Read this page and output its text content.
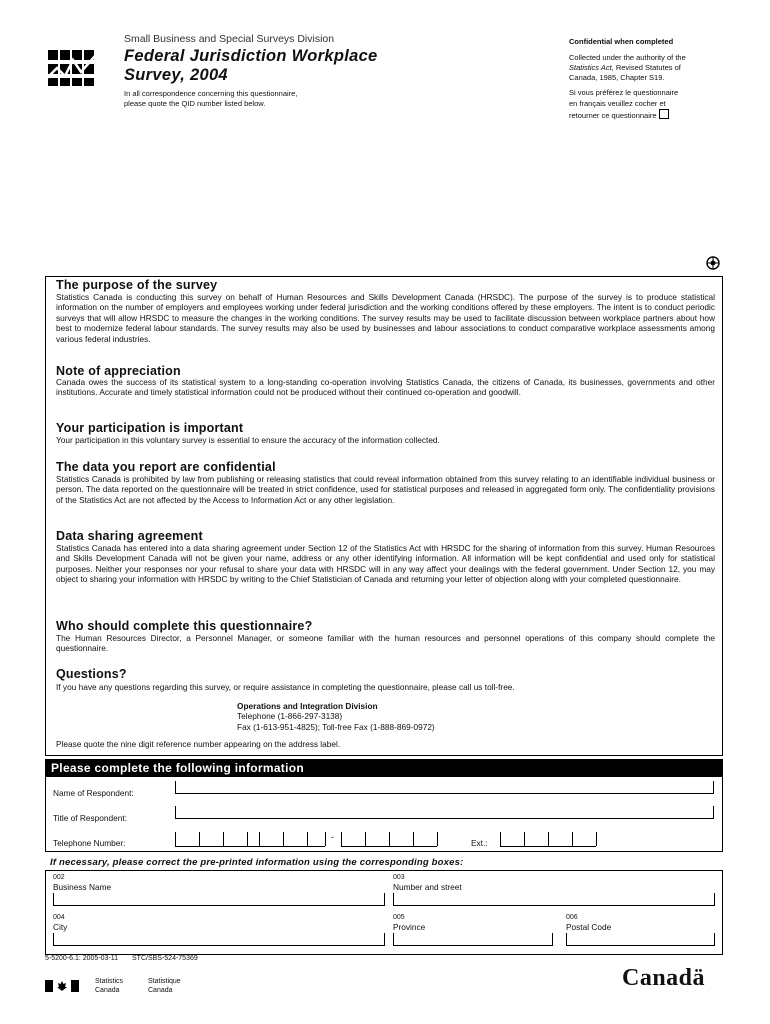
Small Business and Special Surveys Division
Federal Jurisdiction Workplace
Survey, 2004
In all correspondence concerning this questionnaire,
please quote the QID number listed below.
Confidential when completed
Collected under the authority of the
Statistics Act, Revised Statutes of
Canada, 1985, Chapter S19.
Si vous préférez le questionnaire
en français veuillez cocher et
retourner ce questionnaire
The purpose of the survey
Statistics Canada is conducting this survey on behalf of Human Resources and Skills Development Canada (HRSDC). The purpose of the survey is to produce statistical information on the number of employers and employees working under federal jurisdiction and the working conditions offered by these employers. The intent is to conduct periodic surveys that will allow HRSDC to measure the changes in the working conditions. The survey results may be used to facilitate discussion between workplace partners about how best to modernize federal labour standards. The survey results may also be used by businesses and labour associations to conduct comparative workplace assessments among various federal industries.
Note of appreciation
Canada owes the success of its statistical system to a long-standing co-operation involving Statistics Canada, the citizens of Canada, its businesses, governments and other institutions. Accurate and timely statistical information could not be produced without their continued co-operation and goodwill.
Your participation is important
Your participation in this voluntary survey is essential to ensure the accuracy of the information collected.
The data you report are confidential
Statistics Canada is prohibited by law from publishing or releasing statistics that could reveal information obtained from this survey relating to an identifiable individual business or person. The data reported on the questionnaire will be treated in strict confidence, used for statistical purposes and released in aggregated form only. The confidentiality provisions of the Statistics Act are not affected by the Access to Information Act or any other legislation.
Data sharing agreement
Statistics Canada has entered into a data sharing agreement under Section 12 of the Statistics Act with HRSDC for the sharing of information from this survey. Human Resources and Skills Development Canada will not be given your name, address or any other identifying information. All information will be kept confidential and used only for statistical purposes. Neither your responses nor your refusal to share your data with HRSDC will in any way affect your dealings with the federal government. Under Section 12, you may object to sharing your information with HRSDC by writing to the Chief Statistician of Canada and returning your letter of objection along with your completed questionnaire.
Who should complete this questionnaire?
The Human Resources Director, a Personnel Manager, or someone familiar with the human resources and personnel operations of this company should complete the questionnaire.
Questions?
If you have any questions regarding this survey, or require assistance in completing the questionnaire, please call us toll-free.
Operations and Integration Division
Telephone (1-866-297-3138)
Fax (1-613-951-4825); Toll-free Fax (1-888-869-0972)
Please quote the nine digit reference number appearing on the address label.
Please complete the following information
Name of Respondent:
Title of Respondent:
Telephone Number:
-
Ext.:
If necessary, please correct the pre-printed information using the corresponding boxes:
002
Business Name
003
Number and street
004
City
005
Province
006
Postal Code
5-5200-6.1: 2005-03-11 STC/SBS-524-75369
Statistics
Canada
Statistique
Canada	Canadä
